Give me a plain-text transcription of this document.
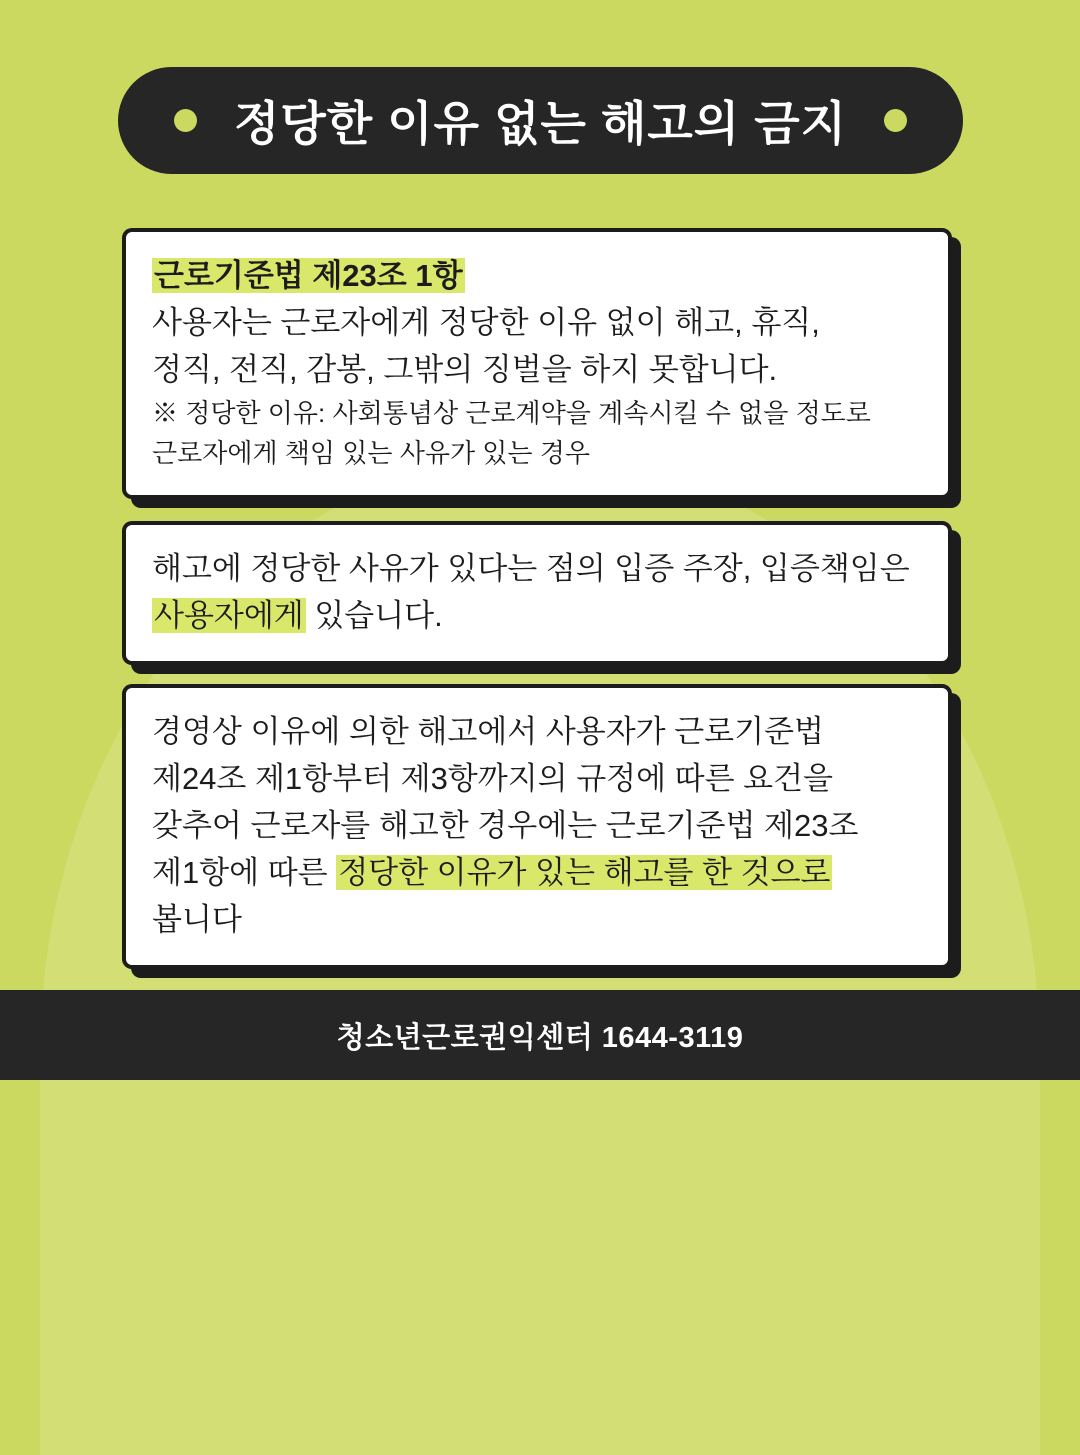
정당한 이유 없는 해고의 금지
근로기준법 제23조 1항
사용자는 근로자에게 정당한 이유 없이 해고, 휴직,
정직, 전직, 감봉, 그밖의 징벌을 하지 못합니다.
※ 정당한 이유: 사회통념상 근로계약을 계속시킬 수 없을 정도로
근로자에게 책임 있는 사유가 있는 경우
해고에 정당한 사유가 있다는 점의 입증 주장, 입증책임은
사용자에게 있습니다.
경영상 이유에 의한 해고에서 사용자가 근로기준법
제24조 제1항부터 제3항까지의 규정에 따른 요건을
갖추어 근로자를 해고한 경우에는 근로기준법 제23조
제1항에 따른 정당한 이유가 있는 해고를 한 것으로
봅니다
청소년근로권익센터 1644-3119
